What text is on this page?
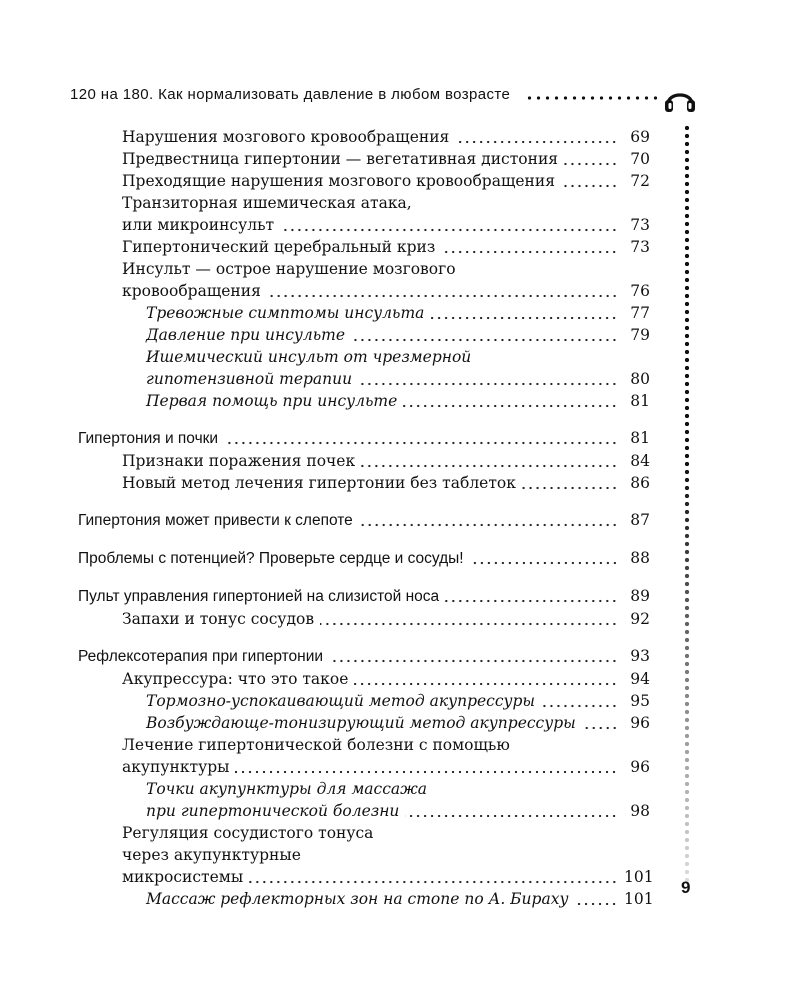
120 на 180. Как нормализовать давление в любом возрасте
Нарушения мозгового кровообращения	69
Предвестница гипертонии — вегетативная дистония	70
Преходящие нарушения мозгового кровообращения	72
Транзиторная ишемическая атака,
или микроинсульт	73
Гипертонический церебральный криз	73
Инсульт — острое нарушение мозгового
кровообращения	76
Тревожные симптомы инсульта	77
Давление при инсульте	79
Ишемический инсульт от чрезмерной
гипотензивной терапии	80
Первая помощь при инсульте	81
Гипертония и почки	81
Признаки поражения почек	84
Новый метод лечения гипертонии без таблеток	86
Гипертония может привести к слепоте	87
Проблемы с потенцией? Проверьте сердце и сосуды!	88
Пульт управления гипертонией на слизистой носа	89
Запахи и тонус сосудов	92
Рефлексотерапия при гипертонии	93
Акупрессура: что это такое	94
Тормозно-успокаивающий метод акупрессуры	95
Возбуждающе-тонизирующий метод акупрессуры	96
Лечение гипертонической болезни с помощью
акупунктуры	96
Точки акупунктуры для массажа
при гипертонической болезни	98
Регуляция сосудистого тонуса
через акупунктурные
микросистемы	101
Массаж рефлекторных зон на стопе по А. Бираху	101
9
